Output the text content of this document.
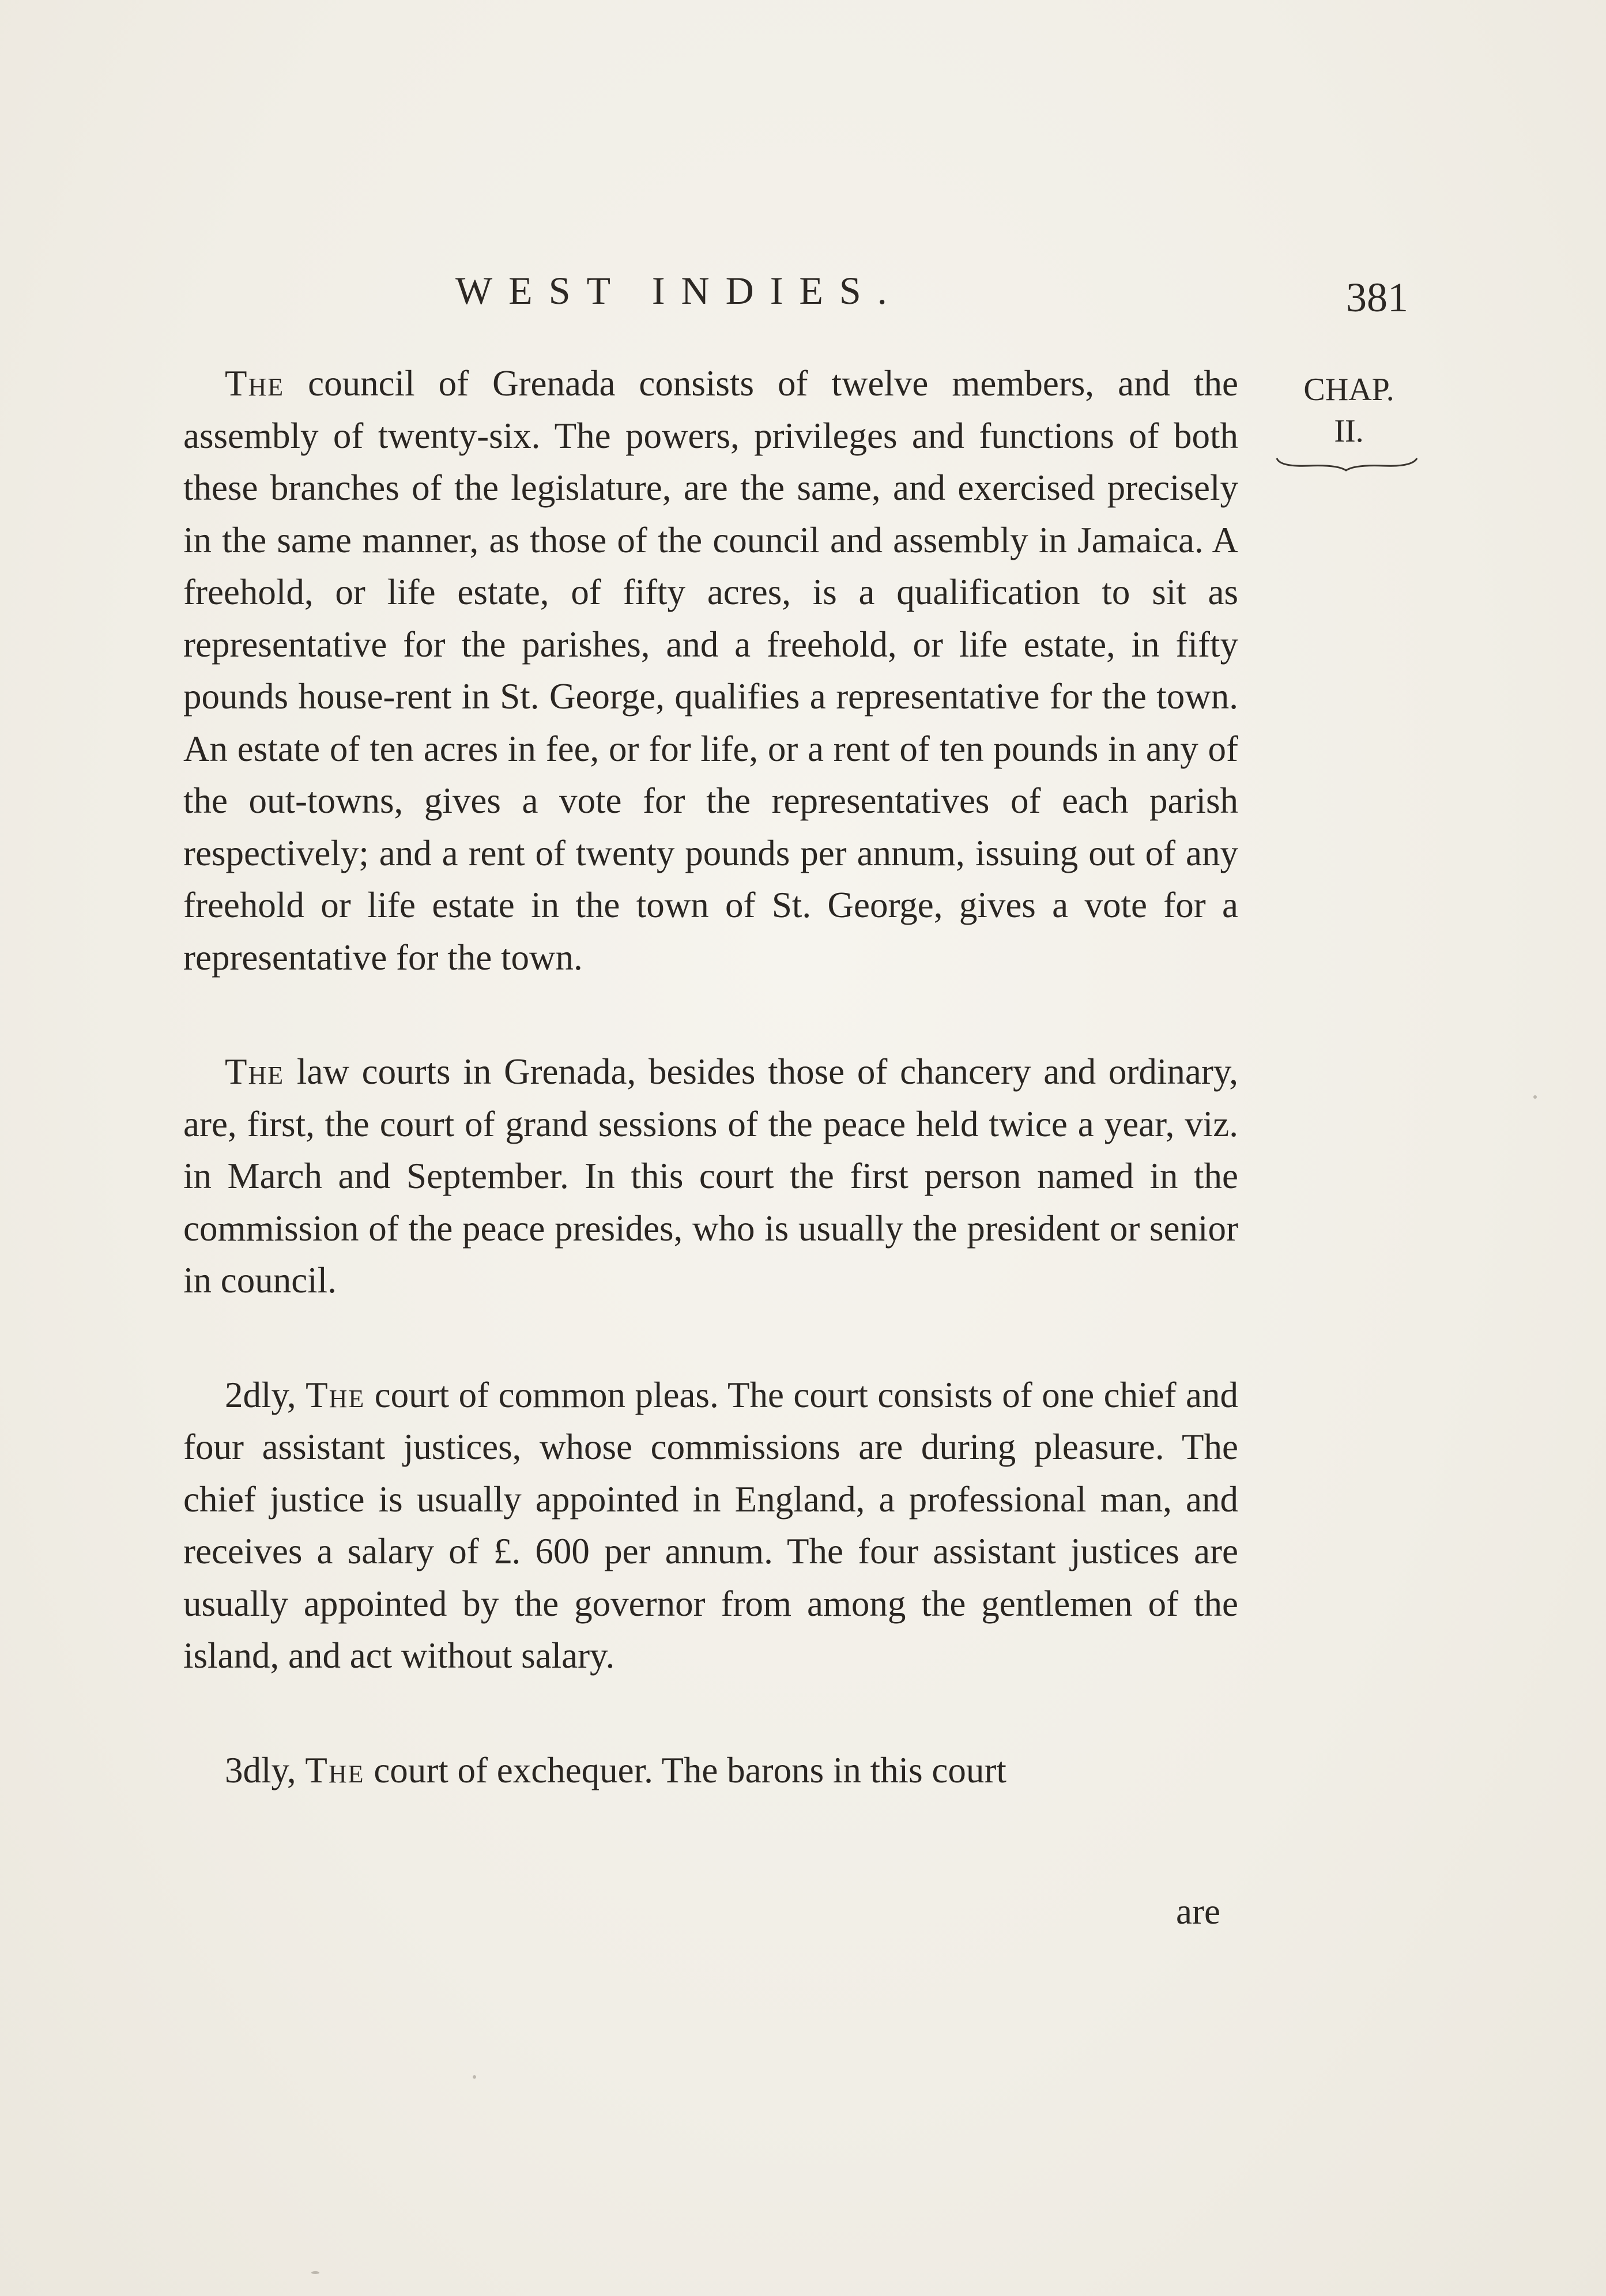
WEST INDIES.	381
CHAP.
II.

The council of Grenada consists of twelve members, and the assembly of twenty-six. The powers, privileges and functions of both these branches of the legislature, are the same, and exercised precisely in the same manner, as those of the council and assembly in Jamaica. A freehold, or life estate, of fifty acres, is a qualification to sit as representative for the parishes, and a freehold, or life estate, in fifty pounds house-rent in St. George, qualifies a representative for the town. An estate of ten acres in fee, or for life, or a rent of ten pounds in any of the out-towns, gives a vote for the representatives of each parish respectively; and a rent of twenty pounds per annum, issuing out of any freehold or life estate in the town of St. George, gives a vote for a representative for the town.

The law courts in Grenada, besides those of chancery and ordinary, are, first, the court of grand sessions of the peace held twice a year, viz. in March and September. In this court the first person named in the commission of the peace presides, who is usually the president or senior in council.

2dly, The court of common pleas. The court consists of one chief and four assistant justices, whose commissions are during pleasure. The chief justice is usually appointed in England, a professional man, and receives a salary of £. 600 per annum. The four assistant justices are usually appointed by the governor from among the gentlemen of the island, and act without salary.

3dly, The court of exchequer. The barons in this court

are
